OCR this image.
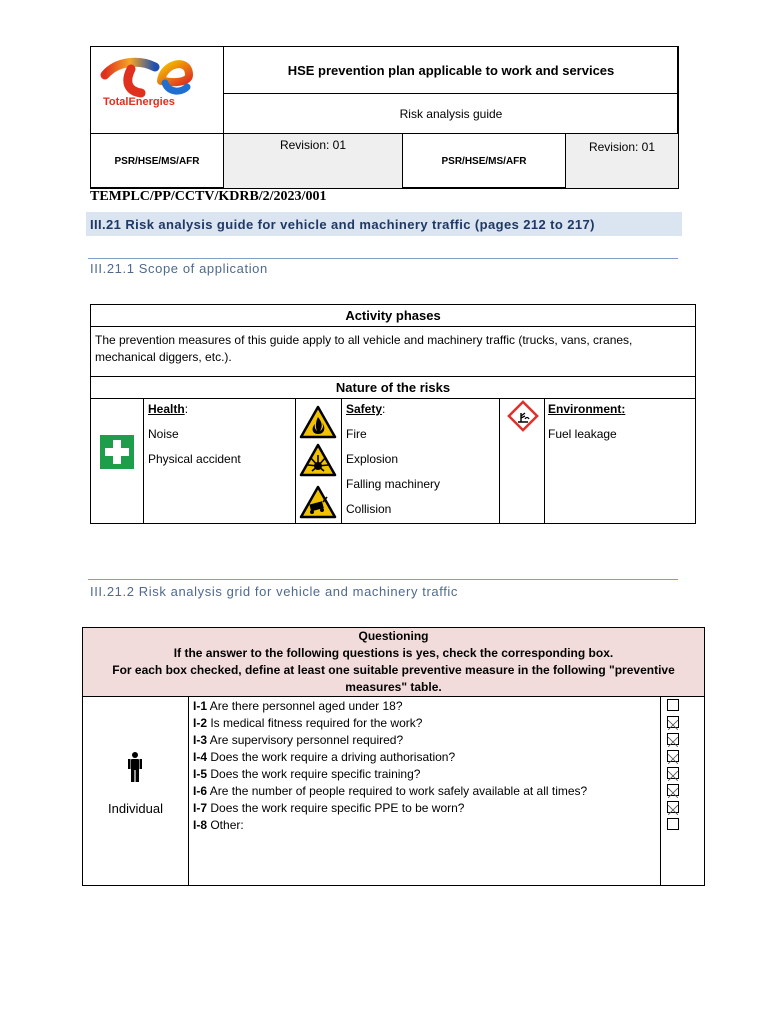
TotalEnergies
HSE prevention plan applicable to work and services
Risk analysis guide
PSR/HSE/MS/AFR
Revision: 01
PSR/HSE/MS/AFR
Revision: 01
TEMPLC/PP/CCTV/KDRB/2/2023/001
III.21 Risk analysis guide for vehicle and machinery traffic (pages 212 to 217)
III.21.1 Scope of application
Activity phases
The prevention measures of this guide apply to all vehicle and machinery traffic (trucks, vans, cranes, mechanical diggers, etc.).
Nature of the risks
Health:
Noise
Physical accident
Safety:
Fire
Explosion
Falling machinery
Collision
Environment:
Fuel leakage
III.21.2 Risk analysis grid for vehicle and machinery traffic
Questioning
If the answer to the following questions is yes, check the corresponding box.
For each box checked, define at least one suitable preventive measure in the following "preventive
measures" table.
Individual
I-1 Are there personnel aged under 18?
I-2 Is medical fitness required for the work?
I-3 Are supervisory personnel required?
I-4 Does the work require a driving authorisation?
I-5 Does the work require specific training?
I-6 Are the number of people required to work safely available at all times?
I-7 Does the work require specific PPE to be worn?
I-8 Other:
